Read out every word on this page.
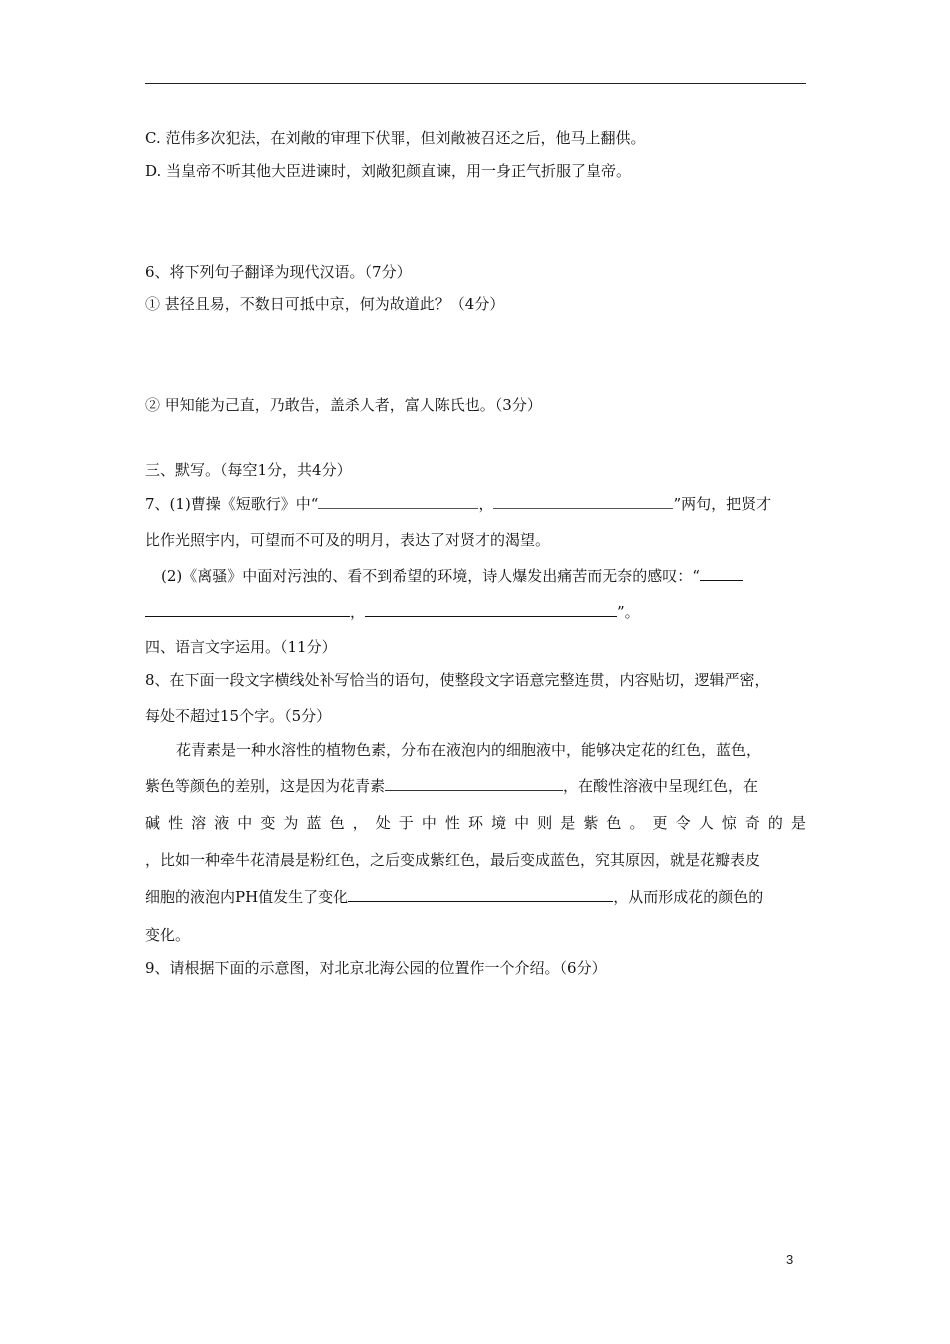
C. 范伟多次犯法，在刘敞的审理下伏罪，但刘敞被召还之后，他马上翻供。
D. 当皇帝不听其他大臣进谏时，刘敞犯颜直谏，用一身正气折服了皇帝。
6、将下列句子翻译为现代汉语。（7分）
① 甚径且易，不数日可抵中京，何为故道此？（4分）
② 甲知能为己直，乃敢告，盖杀人者，富人陈氏也。（3分）
三、默写。（每空1分，共4分）
7、(1)曹操《短歌行》中“	，	”两句，把贤才
比作光照宇内，可望而不可及的明月，表达了对贤才的渴望。
(2)《离骚》中面对污浊的、看不到希望的环境，诗人爆发出痛苦而无奈的感叹：“
，	”。
四、语言文字运用。（11分）
8、在下面一段文字横线处补写恰当的语句，使整段文字语意完整连贯，内容贴切，逻辑严密，
每处不超过15个字。（5分）
花青素是一种水溶性的植物色素，分布在液泡内的细胞液中，能够决定花的红色，蓝色，
紫色等颜色的差别，这是因为花青素	，在酸性溶液中呈现红色，在
碱性溶液中变为蓝色，处于中性环境中则是紫色。更令人惊奇的是
，比如一种牵牛花清晨是粉红色，之后变成紫红色，最后变成蓝色，究其原因，就是花瓣表皮
细胞的液泡内PH值发生了变化	，从而形成花的颜色的
变化。
9、请根据下面的示意图，对北京北海公园的位置作一个介绍。（6分）
3
